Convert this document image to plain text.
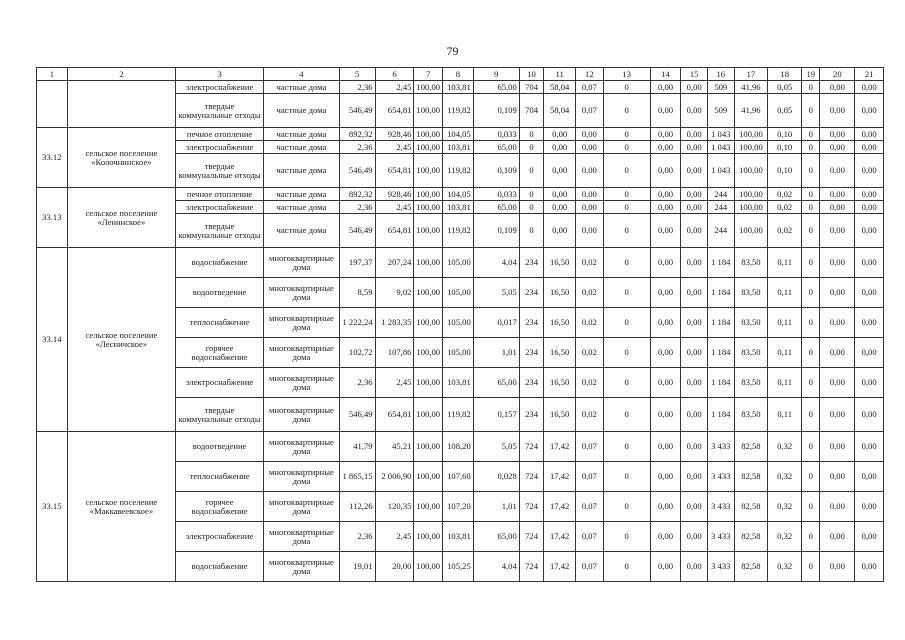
79
1	2	3	4	5	6	7	8	9	10	11	12	13	14	15	16	17	18	19	20	21
		электроснабжение	частные дома	2,36	2,45	100,00	103,81	65,00	704	58,04	0,07	0	0,00	0,00	509	41,96	0,05	0	0,00	0,00
		твердые коммунальные отходы	частные дома	546,49	654,81	100,00	119,82	0,109	704	58,04	0,07	0	0,00	0,00	509	41,96	0,05	0	0,00	0,00
33.12	сельское поселение «Колочнинское»	печное отопление	частные дома	892,32	928,46	100,00	104,05	0,033	0	0,00	0,00	0	0,00	0,00	1 043	100,00	0,10	0	0,00	0,00
		электроснабжение	частные дома	2,36	2,45	100,00	103,81	65,00	0	0,00	0,00	0	0,00	0,00	1 043	100,00	0,10	0	0,00	0,00
		твердые коммунальные отходы	частные дома	546,49	654,81	100,00	119,82	0,109	0	0,00	0,00	0	0,00	0,00	1 043	100,00	0,10	0	0,00	0,00
33.13	сельское поселение «Ленинское»	печное отопление	частные дома	892,32	928,46	100,00	104,05	0,033	0	0,00	0,00	0	0,00	0,00	244	100,00	0,02	0	0,00	0,00
		электроснабжение	частные дома	2,36	2,45	100,00	103,81	65,00	0	0,00	0,00	0	0,00	0,00	244	100,00	0,02	0	0,00	0,00
		твердые коммунальные отходы	частные дома	546,49	654,81	100,00	119,82	0,109	0	0,00	0,00	0	0,00	0,00	244	100,00	0,02	0	0,00	0,00
33.14	сельское поселение «Лесничское»	водоснабжение	многоквартирные дома	197,37	207,24	100,00	105,00	4,04	234	16,50	0,02	0	0,00	0,00	1 184	83,50	0,11	0	0,00	0,00
		водоотведение	многоквартирные дома	8,59	9,02	100,00	105,00	5,05	234	16,50	0,02	0	0,00	0,00	1 184	83,50	0,11	0	0,00	0,00
		теплоснабжение	многоквартирные дома	1 222,24	1 283,35	100,00	105,00	0,017	234	16,50	0,02	0	0,00	0,00	1 184	83,50	0,11	0	0,00	0,00
		горячее водоснабжение	многоквартирные дома	102,72	107,86	100,00	105,00	1,01	234	16,50	0,02	0	0,00	0,00	1 184	83,50	0,11	0	0,00	0,00
		электроснабжение	многоквартирные дома	2,36	2,45	100,00	103,81	65,00	234	16,50	0,02	0	0,00	0,00	1 184	83,50	0,11	0	0,00	0,00
		твердые коммунальные отходы	многоквартирные дома	546,49	654,81	100,00	119,82	0,157	234	16,50	0,02	0	0,00	0,00	1 184	83,50	0,11	0	0,00	0,00
33.15	сельское поселение «Маккавеевское»	водоотведение	многоквартирные дома	41,79	45,21	100,00	108,20	5,05	724	17,42	0,07	0	0,00	0,00	3 433	82,58	0,32	0	0,00	0,00
		теплоснабжение	многоквартирные дома	1 865,15	2 006,90	100,00	107,60	0,028	724	17,42	0,07	0	0,00	0,00	3 433	82,58	0,32	0	0,00	0,00
		горячее водоснабжение	многоквартирные дома	112,26	120,35	100,00	107,20	1,01	724	17,42	0,07	0	0,00	0,00	3 433	82,58	0,32	0	0,00	0,00
		электроснабжение	многоквартирные дома	2,36	2,45	100,00	103,81	65,00	724	17,42	0,07	0	0,00	0,00	3 433	82,58	0,32	0	0,00	0,00
		водоснабжение	многоквартирные дома	19,01	20,00	100,00	105,25	4,04	724	17,42	0,07	0	0,00	0,00	3 433	82,58	0,32	0	0,00	0,00
